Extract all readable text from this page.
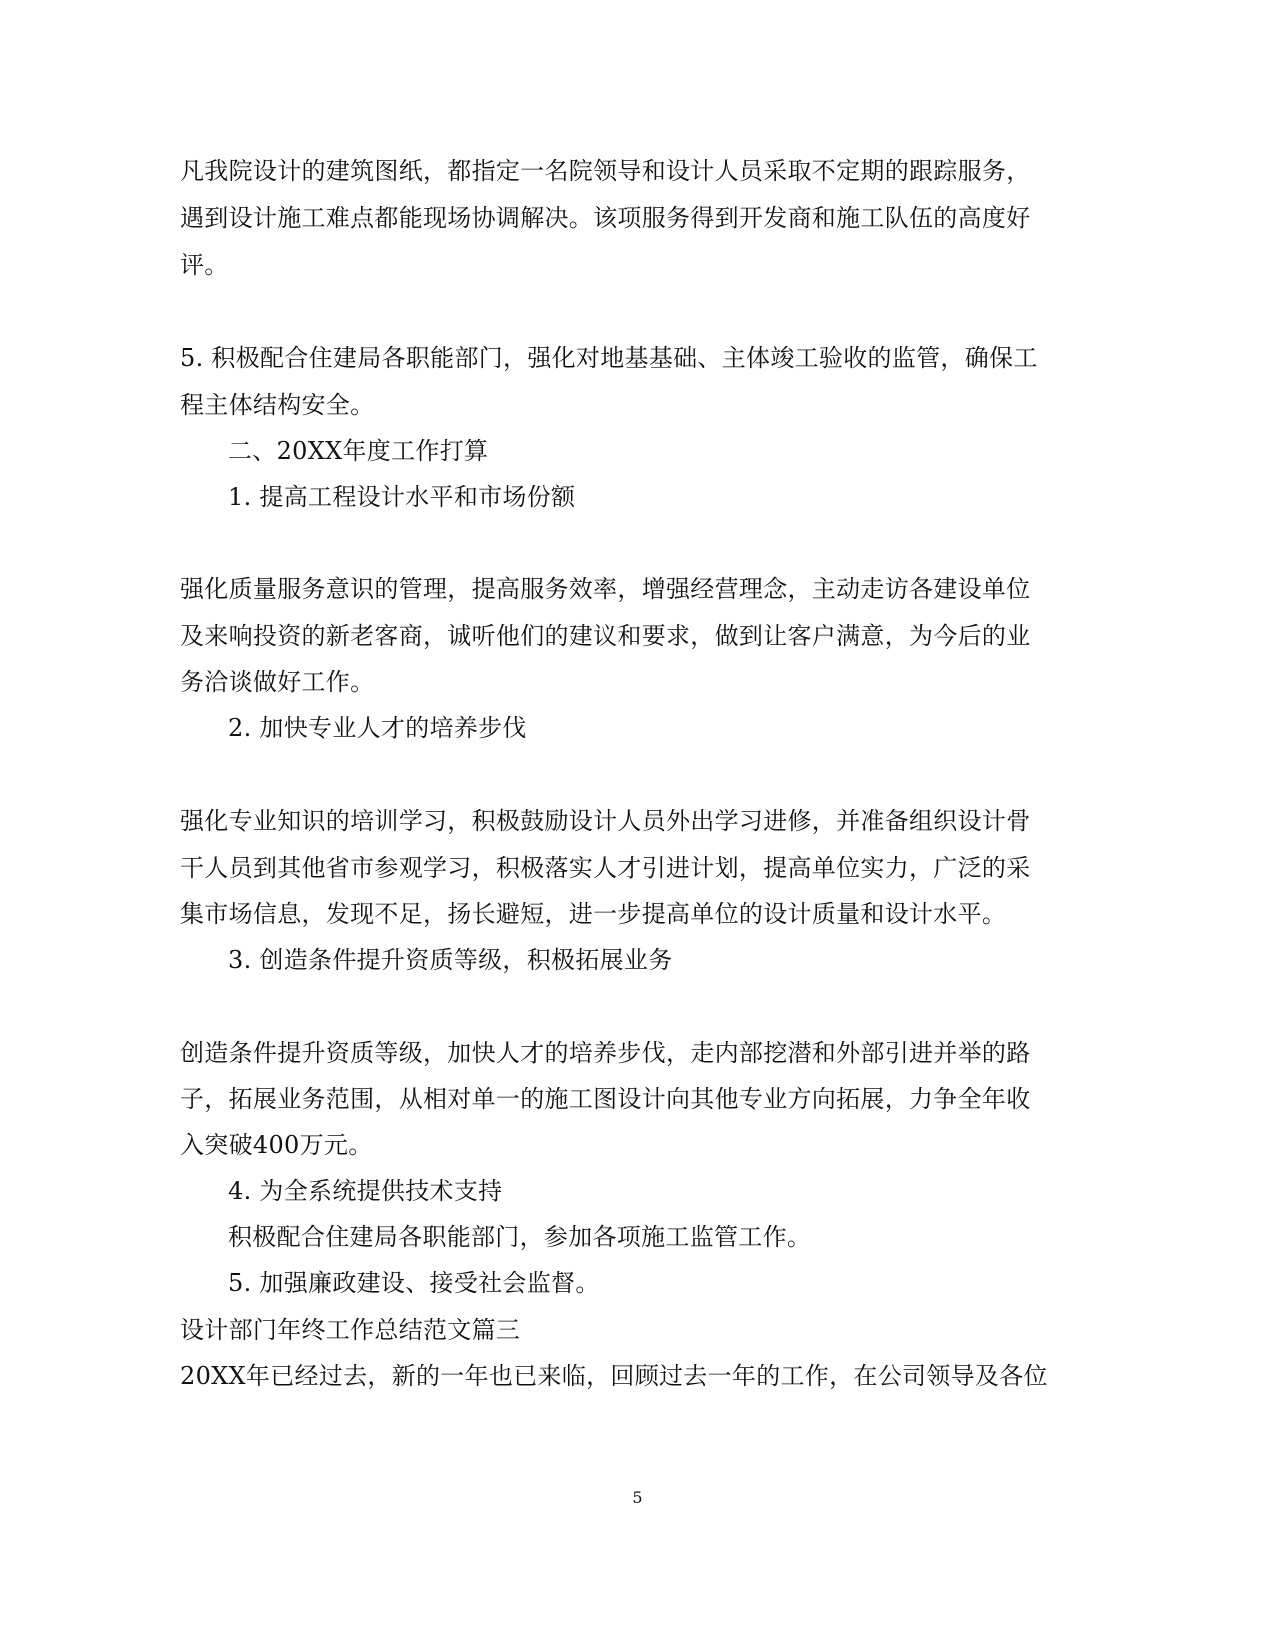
凡我院设计的建筑图纸，都指定一名院领导和设计人员采取不定期的跟踪服务，
遇到设计施工难点都能现场协调解决。该项服务得到开发商和施工队伍的高度好
评。
5. 积极配合住建局各职能部门，强化对地基基础、主体竣工验收的监管，确保工
程主体结构安全。
二、20XX年度工作打算
1. 提高工程设计水平和市场份额
强化质量服务意识的管理，提高服务效率，增强经营理念，主动走访各建设单位
及来响投资的新老客商，诚听他们的建议和要求，做到让客户满意，为今后的业
务洽谈做好工作。
2. 加快专业人才的培养步伐
强化专业知识的培训学习，积极鼓励设计人员外出学习进修，并准备组织设计骨
干人员到其他省市参观学习，积极落实人才引进计划，提高单位实力，广泛的采
集市场信息，发现不足，扬长避短，进一步提高单位的设计质量和设计水平。
3. 创造条件提升资质等级，积极拓展业务
创造条件提升资质等级，加快人才的培养步伐，走内部挖潜和外部引进并举的路
子，拓展业务范围，从相对单一的施工图设计向其他专业方向拓展，力争全年收
入突破400万元。
4. 为全系统提供技术支持
积极配合住建局各职能部门，参加各项施工监管工作。
5. 加强廉政建设、接受社会监督。
设计部门年终工作总结范文篇三
20XX年已经过去，新的一年也已来临，回顾过去一年的工作，在公司领导及各位
5
